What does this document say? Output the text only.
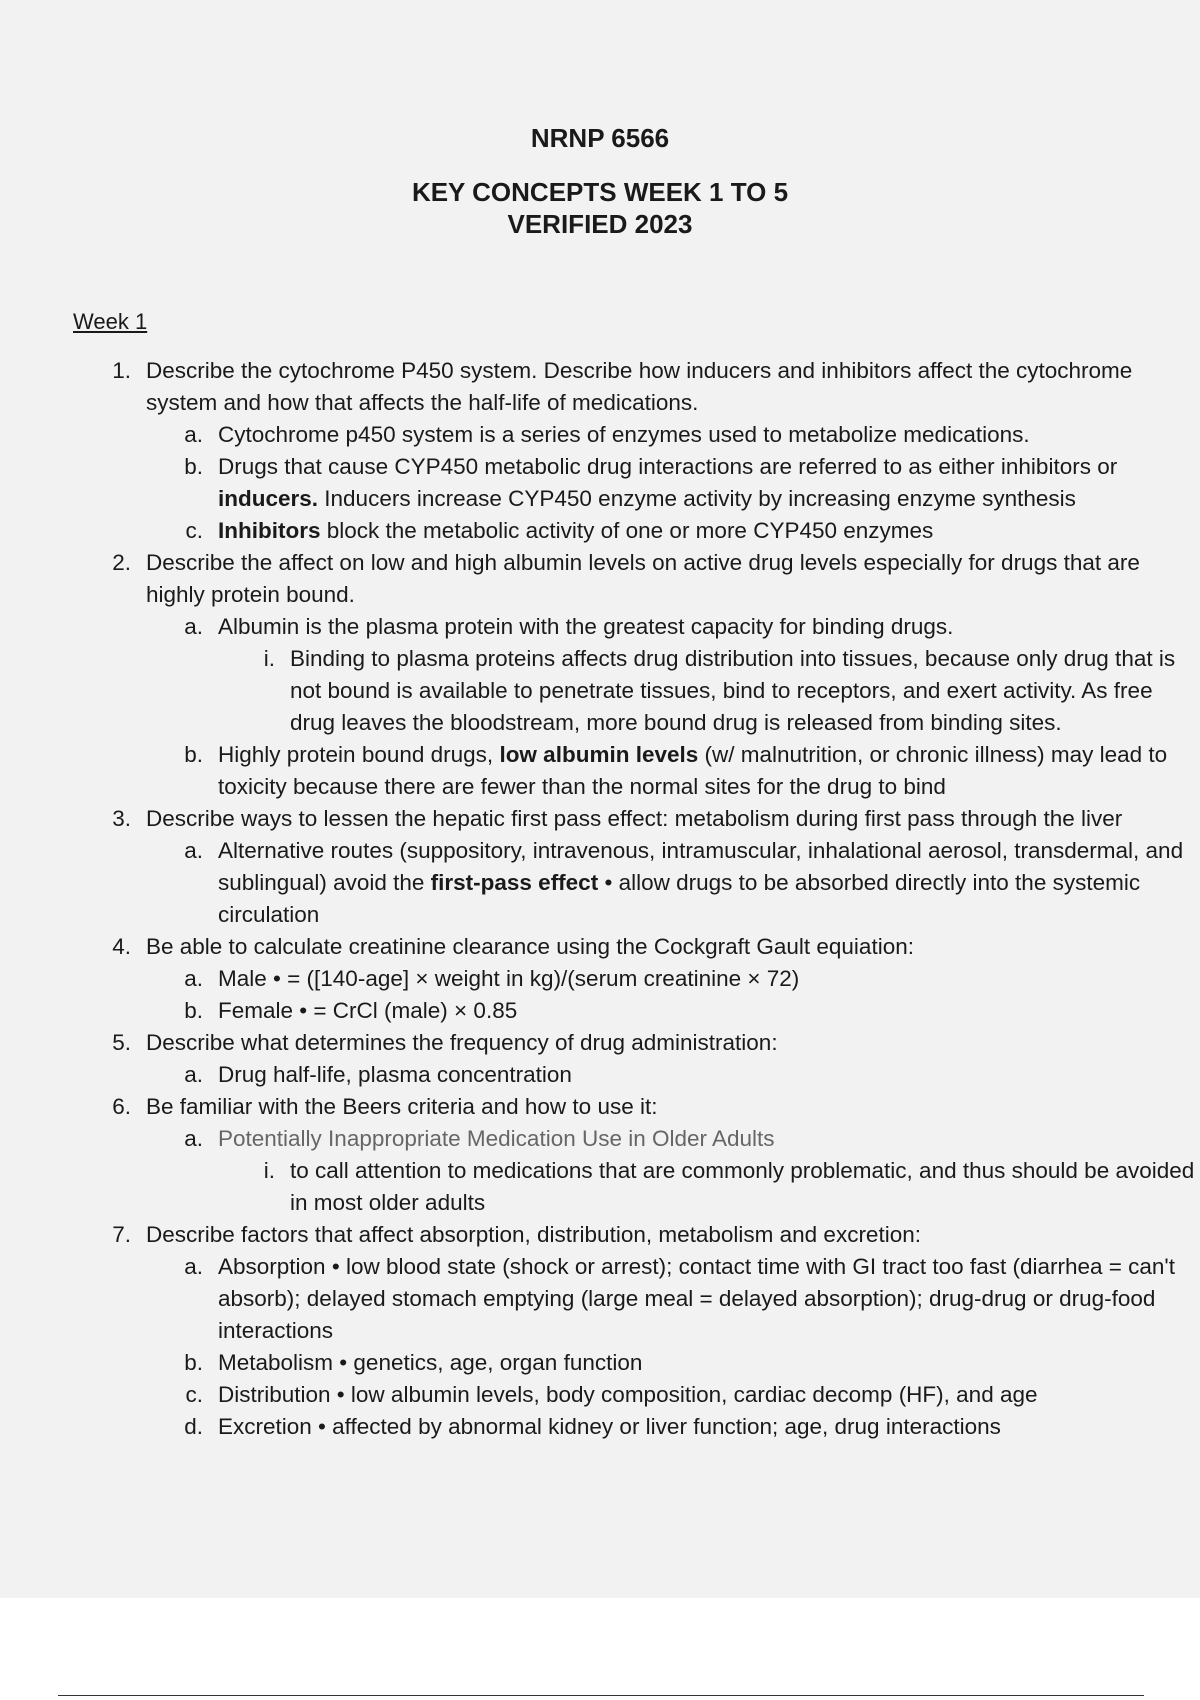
NRNP 6566

KEY CONCEPTS WEEK 1 TO 5

VERIFIED 2023

Week 1

1. Describe the cytochrome P450 system. Describe how inducers and inhibitors affect the cytochrome system and how that affects the half-life of medications.

a. Cytochrome p450 system is a series of enzymes used to metabolize medications.

b. Drugs that cause CYP450 metabolic drug interactions are referred to as either inhibitors or inducers. Inducers increase CYP450 enzyme activity by increasing enzyme synthesis

c. Inhibitors block the metabolic activity of one or more CYP450 enzymes

2. Describe the affect on low and high albumin levels on active drug levels especially for drugs that are highly protein bound.

a. Albumin is the plasma protein with the greatest capacity for binding drugs.

i. Binding to plasma proteins affects drug distribution into tissues, because only drug that is not bound is available to penetrate tissues, bind to receptors, and exert activity. As free drug leaves the bloodstream, more bound drug is released from binding sites.

b. Highly protein bound drugs, low albumin levels (w/ malnutrition, or chronic illness) may lead to toxicity because there are fewer than the normal sites for the drug to bind

3. Describe ways to lessen the hepatic first pass effect: metabolism during first pass through the liver

a. Alternative routes (suppository, intravenous, intramuscular, inhalational aerosol, transdermal, and sublingual) avoid the first-pass effect • allow drugs to be absorbed directly into the systemic circulation

4. Be able to calculate creatinine clearance using the Cockgraft Gault equiation:

a. Male • = ([140-age] × weight in kg)/(serum creatinine × 72)

b. Female • = CrCl (male) × 0.85

5. Describe what determines the frequency of drug administration:

a. Drug half-life, plasma concentration

6. Be familiar with the Beers criteria and how to use it:

a. Potentially Inappropriate Medication Use in Older Adults

i. to call attention to medications that are commonly problematic, and thus should be avoided in most older adults

7. Describe factors that affect absorption, distribution, metabolism and excretion:

a. Absorption • low blood state (shock or arrest); contact time with GI tract too fast (diarrhea = can't absorb); delayed stomach emptying (large meal = delayed absorption); drug-drug or drug-food interactions

b. Metabolism • genetics, age, organ function

c. Distribution • low albumin levels, body composition, cardiac decomp (HF), and age

d. Excretion • affected by abnormal kidney or liver function; age, drug interactions
